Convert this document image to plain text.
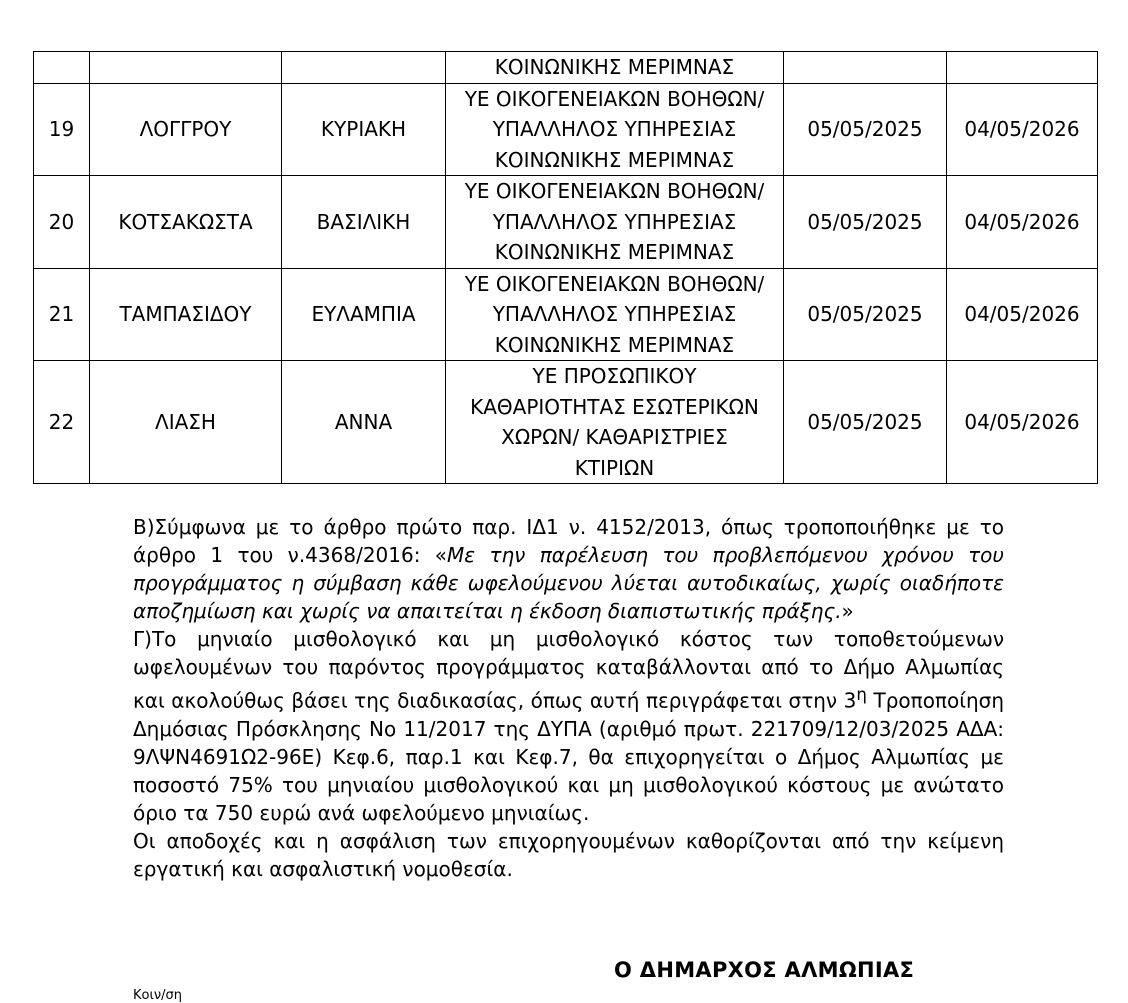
			ΚΟΙΝΩΝΙΚΗΣ ΜΕΡΙΜΝΑΣ		
19	ΛΟΓΓΡΟΥ	ΚΥΡΙΑΚΗ	ΥΕ ΟΙΚΟΓΕΝΕΙΑΚΩΝ ΒΟΗΘΩΝ/
ΥΠΑΛΛΗΛΟΣ ΥΠΗΡΕΣΙΑΣ
ΚΟΙΝΩΝΙΚΗΣ ΜΕΡΙΜΝΑΣ	05/05/2025	04/05/2026
20	ΚΟΤΣΑΚΩΣΤΑ	ΒΑΣΙΛΙΚΗ	ΥΕ ΟΙΚΟΓΕΝΕΙΑΚΩΝ ΒΟΗΘΩΝ/
ΥΠΑΛΛΗΛΟΣ ΥΠΗΡΕΣΙΑΣ
ΚΟΙΝΩΝΙΚΗΣ ΜΕΡΙΜΝΑΣ	05/05/2025	04/05/2026
21	ΤΑΜΠΑΣΙΔΟΥ	ΕΥΛΑΜΠΙΑ	ΥΕ ΟΙΚΟΓΕΝΕΙΑΚΩΝ ΒΟΗΘΩΝ/
ΥΠΑΛΛΗΛΟΣ ΥΠΗΡΕΣΙΑΣ
ΚΟΙΝΩΝΙΚΗΣ ΜΕΡΙΜΝΑΣ	05/05/2025	04/05/2026
22	ΛΙΑΣΗ	ΑΝΝΑ	ΥΕ ΠΡΟΣΩΠΙΚΟΥ
ΚΑΘΑΡΙΟΤΗΤΑΣ ΕΣΩΤΕΡΙΚΩΝ
ΧΩΡΩΝ/ ΚΑΘΑΡΙΣΤΡΙΕΣ
ΚΤΙΡΙΩΝ	05/05/2025	04/05/2026

Β)Σύμφωνα με το άρθρο πρώτο παρ. ΙΔ1 ν. 4152/2013, όπως τροποποιήθηκε με το άρθρο 1 του ν.4368/2016: «Με την παρέλευση του προβλεπόμενου χρόνου του προγράμματος η σύμβαση κάθε ωφελούμενου λύεται αυτοδικαίως, χωρίς οιαδήποτε αποζημίωση και χωρίς να απαιτείται η έκδοση διαπιστωτικής πράξης.»

Γ)Το μηνιαίο μισθολογικό και μη μισθολογικό κόστος των τοποθετούμενων ωφελουμένων του παρόντος προγράμματος καταβάλλονται από το Δήμο Αλμωπίας και ακολούθως βάσει της διαδικασίας, όπως αυτή περιγράφεται στην $3^\eta$ Τροποποίηση Δημόσιας Πρόσκλησης Νο 11/2017 της ΔΥΠΑ (αριθμό πρωτ. 221709/12/03/2025 ΑΔΑ: 9ΛΨΝ4691Ω2-96Ε) Κεφ.6, παρ.1 και Κεφ.7, θα επιχορηγείται ο Δήμος Αλμωπίας με ποσοστό 75% του μηνιαίου μισθολογικού και μη μισθολογικού κόστους με ανώτατο όριο τα 750 ευρώ ανά ωφελούμενο μηνιαίως.

Οι αποδοχές και η ασφάλιση των επιχορηγουμένων καθορίζονται από την κείμενη εργατική και ασφαλιστική νομοθεσία.

Ο ΔΗΜΑΡΧΟΣ ΑΛΜΩΠΙΑΣ
Κοιν/ση
